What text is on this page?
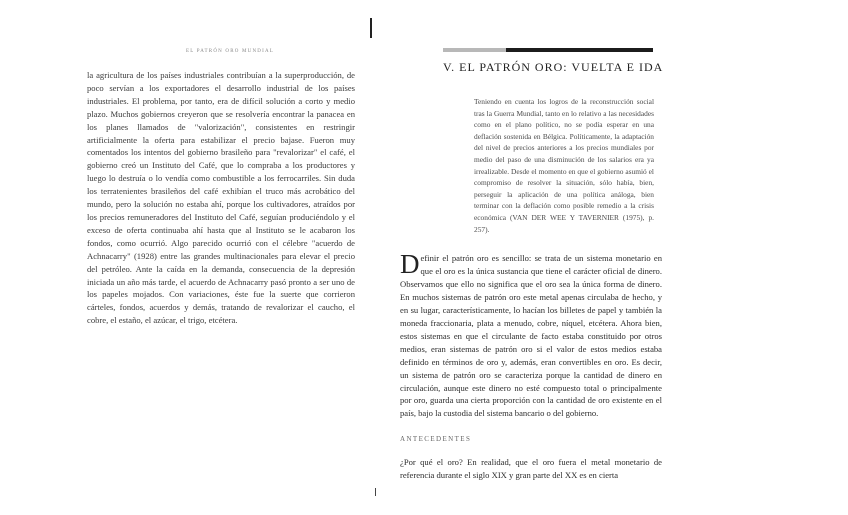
EL PATRÓN ORO MUNDIAL

la agricultura de los países industriales contribuían a la superproducción, de poco servían a los exportadores el desarrollo industrial de los países industriales. El problema, por tanto, era de difícil solución a corto y medio plazo. Muchos gobiernos creyeron que se resolvería encontrar la panacea en los planes llamados de "valorización", consistentes en restringir artificialmente la oferta para estabilizar el precio bajase. Fueron muy comentados los intentos del gobierno brasileño para "revalorizar" el café, el gobierno creó un Instituto del Café, que lo compraba a los productores y luego lo destruía o lo vendía como combustible a los ferrocarriles. Sin duda los terratenientes brasileños del café exhibían el truco más acrobático del mundo, pero la solución no estaba ahí, porque los cultivadores, atraídos por los precios remuneradores del Instituto del Café, seguían produciéndolo y el exceso de oferta continuaba ahí hasta que al Instituto se le acabaron los fondos, como ocurrió. Algo parecido ocurrió con el célebre "acuerdo de Achnacarry" (1928) entre las grandes multinacionales para elevar el precio del petróleo. Ante la caída en la demanda, consecuencia de la depresión iniciada un año más tarde, el acuerdo de Achnacarry pasó pronto a ser uno de los papeles mojados. Con variaciones, éste fue la suerte que corrieron cárteles, fondos, acuerdos y demás, tratando de revalorizar el caucho, el cobre, el estaño, el azúcar, el trigo, etcétera.

V. EL PATRÓN ORO: VUELTA E IDA

Teniendo en cuenta los logros de la reconstrucción social tras la Guerra Mundial, tanto en lo relativo a las necesidades como en el plano político, no se podía esperar en una deflación sostenida en Bélgica. Políticamente, la adaptación del nivel de precios anteriores a los precios mundiales por medio del paso de una disminución de los salarios era ya irrealizable. Desde el momento en que el gobierno asumió el compromiso de resolver la situación, sólo había, bien, perseguir la aplicación de una política análoga, bien terminar con la deflación como posible remedio a la crisis económica (VAN DER WEE Y TAVERNIER (1975), p. 257).

Definir el patrón oro es sencillo: se trata de un sistema monetario en que el oro es la única sustancia que tiene el carácter oficial de dinero. Observamos que ello no significa que el oro sea la única forma de dinero. En muchos sistemas de patrón oro este metal apenas circulaba de hecho, y en su lugar, característicamente, lo hacían los billetes de papel y también la moneda fraccionaria, plata a menudo, cobre, níquel, etcétera. Ahora bien, estos sistemas en que el circulante de facto estaba constituido por otros medios, eran sistemas de patrón oro si el valor de estos medios estaba definido en términos de oro y, además, eran convertibles en oro. Es decir, un sistema de patrón oro se caracteriza porque la cantidad de dinero en circulación, aunque este dinero no esté compuesto total o principalmente por oro, guarda una cierta proporción con la cantidad de oro existente en el país, bajo la custodia del sistema bancario o del gobierno.

ANTECEDENTES

¿Por qué el oro? En realidad, que el oro fuera el metal monetario de referencia durante el siglo XIX y gran parte del XX es en cierta
